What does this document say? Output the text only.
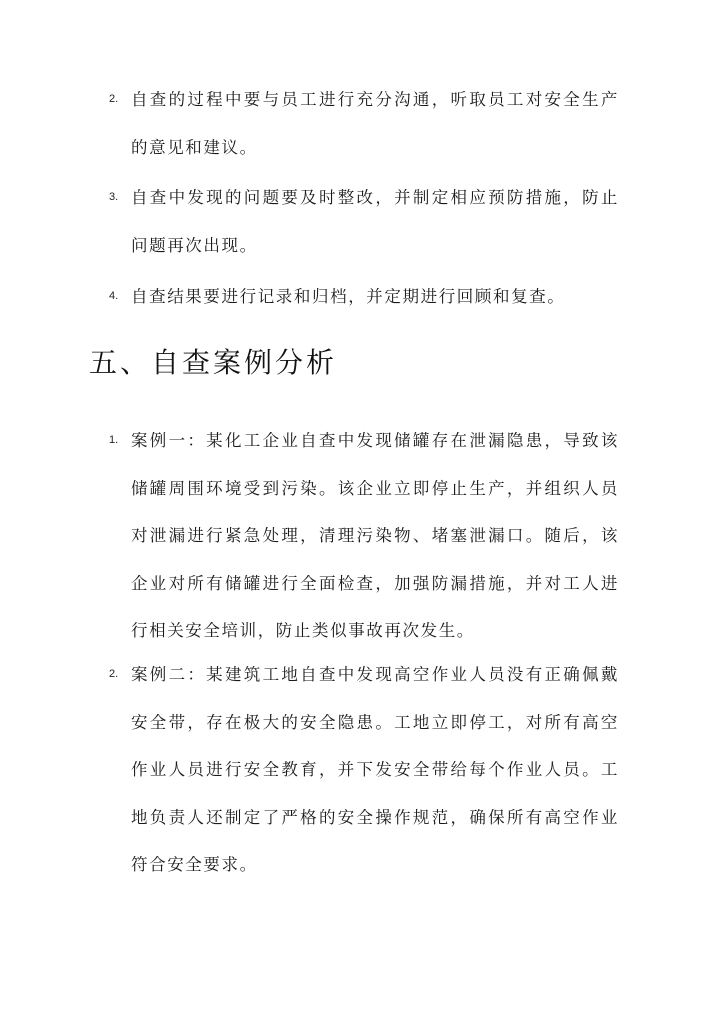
2. 自查的过程中要与员工进行充分沟通，听取员工对安全生产的意见和建议。
3. 自查中发现的问题要及时整改，并制定相应预防措施，防止问题再次出现。
4. 自查结果要进行记录和归档，并定期进行回顾和复查。
五、自查案例分析
1. 案例一：某化工企业自查中发现储罐存在泄漏隐患，导致该储罐周围环境受到污染。该企业立即停止生产，并组织人员对泄漏进行紧急处理，清理污染物、堵塞泄漏口。随后，该企业对所有储罐进行全面检查，加强防漏措施，并对工人进行相关安全培训，防止类似事故再次发生。
2. 案例二：某建筑工地自查中发现高空作业人员没有正确佩戴安全带，存在极大的安全隐患。工地立即停工，对所有高空作业人员进行安全教育，并下发安全带给每个作业人员。工地负责人还制定了严格的安全操作规范，确保所有高空作业符合安全要求。
